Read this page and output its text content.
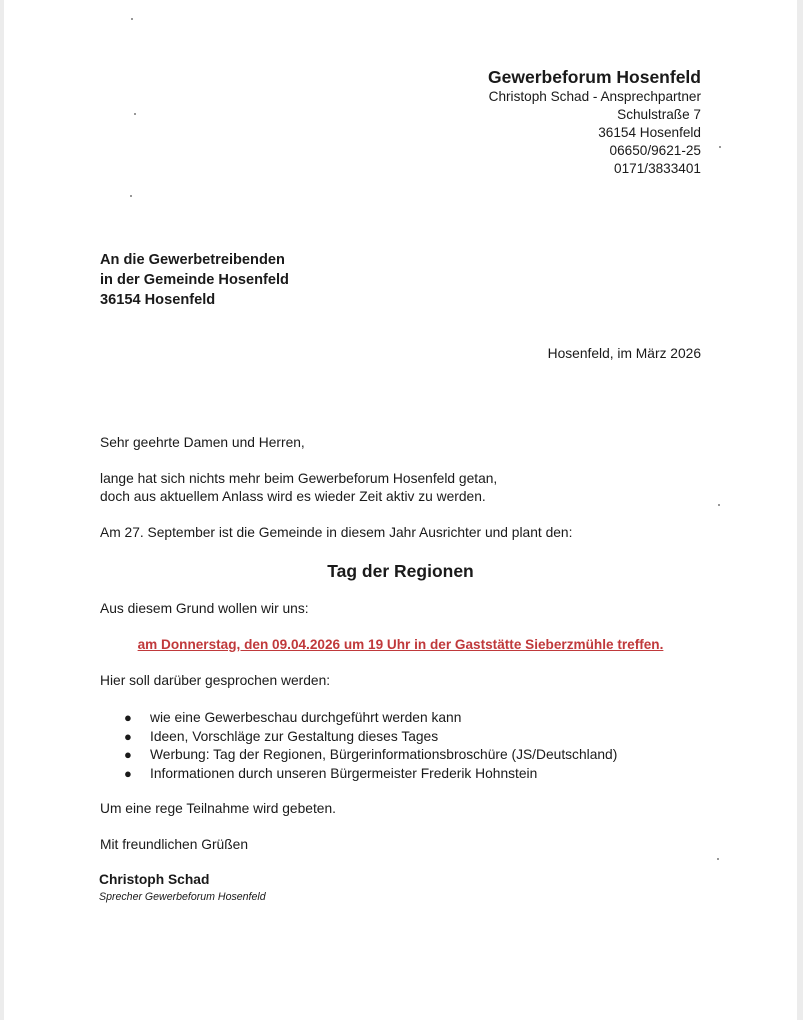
Gewerbeforum Hosenfeld
Christoph Schad - Ansprechpartner
Schulstraße 7
36154 Hosenfeld
06650/9621-25
0171/3833401
An die Gewerbetreibenden
in der Gemeinde Hosenfeld
36154 Hosenfeld
Hosenfeld, im März 2026
Sehr geehrte Damen und Herren,
lange hat sich nichts mehr beim Gewerbeforum Hosenfeld getan,
doch aus aktuellem Anlass wird es wieder Zeit aktiv zu werden.
Am 27. September ist die Gemeinde in diesem Jahr Ausrichter und plant den:
Tag der Regionen
Aus diesem Grund wollen wir uns:
am Donnerstag, den 09.04.2026 um 19 Uhr in der Gaststätte Sieberzmühle treffen.
Hier soll darüber gesprochen werden:
● wie eine Gewerbeschau durchgeführt werden kann
● Ideen, Vorschläge zur Gestaltung dieses Tages
● Werbung: Tag der Regionen, Bürgerinformationsbroschüre (JS/Deutschland)
● Informationen durch unseren Bürgermeister Frederik Hohnstein
Um eine rege Teilnahme wird gebeten.
Mit freundlichen Grüßen
Christoph Schad
Sprecher Gewerbeforum Hosenfeld
